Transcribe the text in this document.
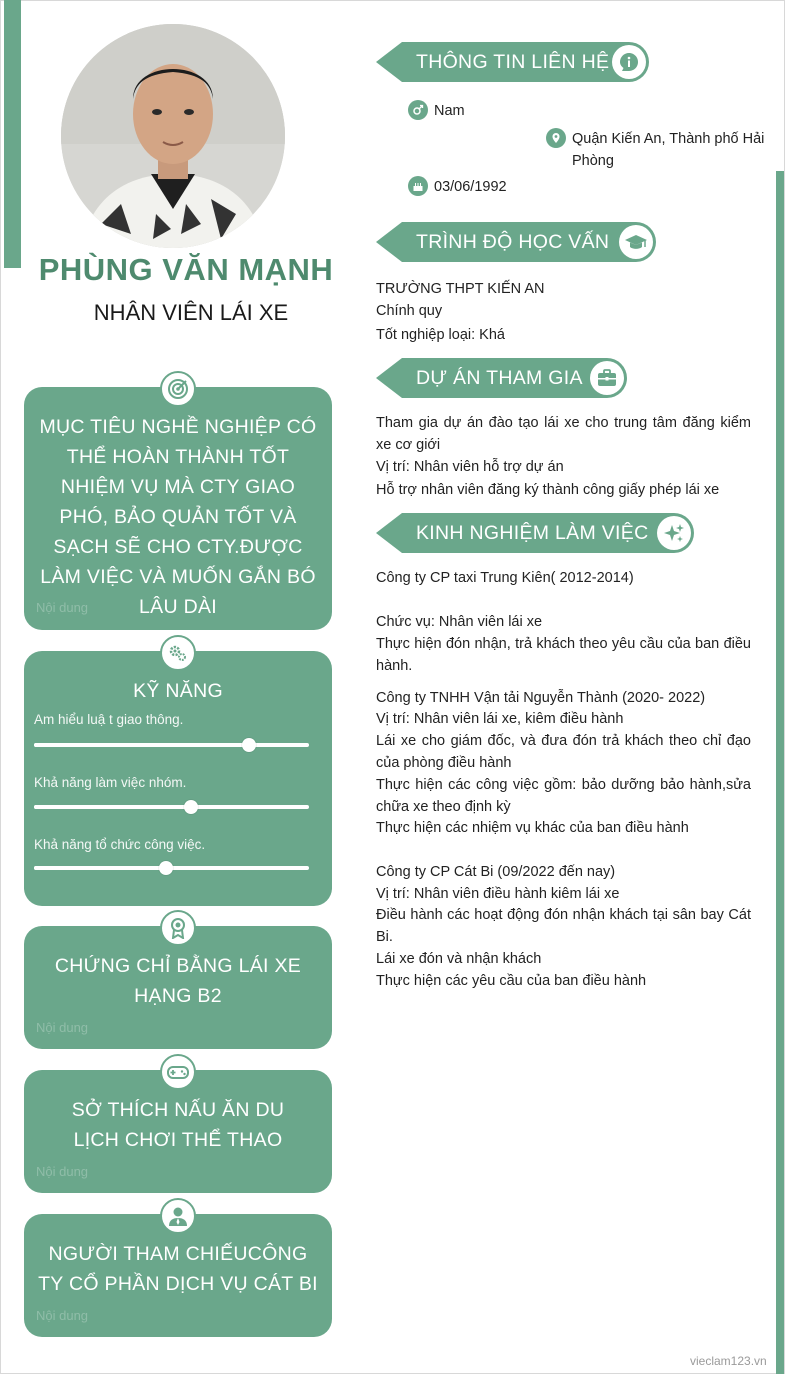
PHÙNG VĂN MẠNH
NHÂN VIÊN LÁI XE
MỤC TIÊU NGHỀ NGHIỆP CÓ THỂ HOÀN THÀNH TỐT NHIỆM VỤ MÀ CTY GIAO PHÓ, BẢO QUẢN TỐT VÀ SẠCH SẼ CHO CTY.ĐƯỢC LÀM VIỆC VÀ MUỐN GẮN BÓ LÂU DÀI
Nội dung
KỸ NĂNG
Am hiểu luậ t giao thông.
Khả năng làm việc nhóm.
Khả năng tổ chức công việc.
CHỨNG CHỈ BẰNG LÁI XE HẠNG B2
Nội dung
SỞ THÍCH NẤU ĂN DU LỊCH CHƠI THỂ THAO
Nội dung
NGƯỜI THAM CHIẾUCÔNG TY CỔ PHẦN DỊCH VỤ CÁT BI
Nội dung
THÔNG TIN LIÊN HỆ
Nam
03/06/1992
Quận Kiến An, Thành phố Hải Phòng
TRÌNH ĐỘ HỌC VẤN
TRƯỜNG THPT KIẾN AN
Chính quy
Tốt nghiệp loại: Khá
DỰ ÁN THAM GIA
Tham gia dự án đào tạo lái xe cho trung tâm đăng kiểm xe cơ giới
Vị trí: Nhân viên hỗ trợ dự án
Hỗ trợ nhân viên đăng ký thành công giấy phép lái xe
KINH NGHIỆM LÀM VIỆC
Công ty CP taxi Trung Kiên( 2012-2014)
Chức vụ: Nhân viên lái xe
Thực hiện đón nhận, trả khách theo yêu cầu của ban điều hành.
Công ty TNHH Vận tải Nguyễn Thành (2020- 2022)
Vị trí: Nhân viên lái xe, kiêm điều hành
Lái xe cho giám đốc, và đưa đón trả khách theo chỉ đạo của phòng điều hành
Thực hiện các công việc gồm: bảo dưỡng bảo hành,sửa chữa xe theo định kỳ
Thực hiện các nhiệm vụ khác của ban điều hành
Công ty CP Cát Bi (09/2022 đến nay)
Vị trí: Nhân viên điều hành kiêm lái xe
Điều hành các hoạt động đón nhận khách tại sân bay Cát Bi.
Lái xe đón và nhận khách
Thực hiện các yêu cầu của ban điều hành
vieclam123.vn
